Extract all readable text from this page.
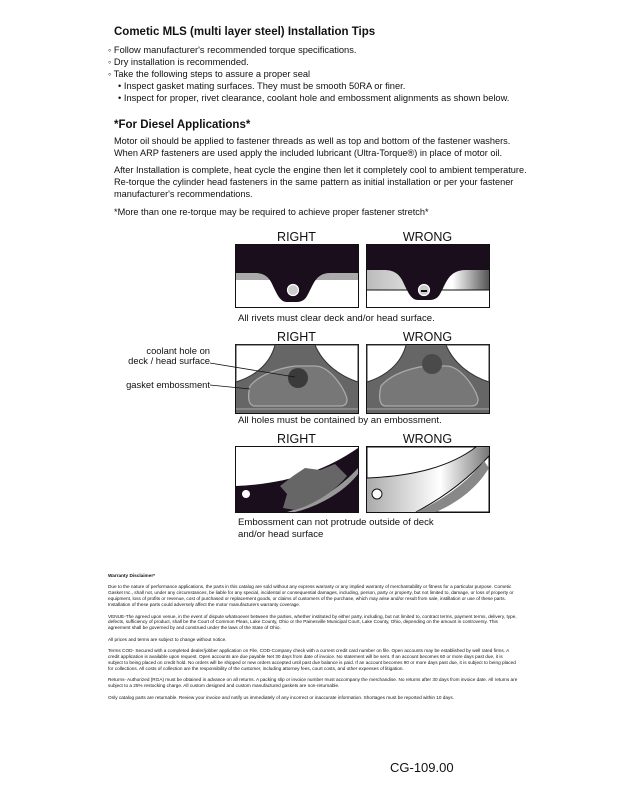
Cometic MLS (multi layer steel) Installation Tips
◦ Follow manufacturer's recommended torque specifications.
◦ Dry installation is recommended.
◦ Take the following steps to assure a proper seal
• Inspect gasket mating surfaces. They must be smooth 50RA or finer.
• Inspect for proper, rivet clearance, coolant hole and embossment alignments as shown below.
*For Diesel Applications*
Motor oil should be applied to fastener threads as well as top and bottom of the fastener washers. When ARP fasteners are used apply the included lubricant (Ultra-Torque®) in place of motor oil.
After Installation is complete, heat cycle the engine then let it completely cool to ambient temperature. Re-torque the cylinder head fasteners in the same pattern as initial installation or per your fastener manufacturer's recommendations.
*More than one re-torque may be required to achieve proper fastener stretch*
RIGHT	WRONG
All rivets must clear deck and/or head surface.
RIGHT	WRONG
coolant hole on
deck / head surface
gasket embossment
All holes must be contained by an embossment.
RIGHT	WRONG
Embossment can not protrude outside of deck
and/or head surface

Warranty Disclaimer*

Due to the nature of performance applications, the parts in this catalog are sold without any express warranty or any implied warranty of merchantability or fitness for a particular purpose. Cometic Gasket Inc., shall not, under any circumstances, be liable for any special, incidental or consequential damages, including, person, party or property, but not limited to, damage, or loss of property or equipment, loss of profits or revenue, cost of purchased or replacement goods, or claims of customers of the purchase, which may arise and/or result from sale, instillation or use of these parts. Installation of these parts could adversely affect the motor manufacturers warranty coverage.

VENUE-The agreed upon venue, in the event of dispute whatsoever between the parties, whether instituted by either party, including, but not limited to, contract terms, payment terms, delivery, type, defects, sufficiency of product, shall be the Court of Common Pleas, Lake County, Ohio or the Painesville Municipal Court, Lake County, Ohio, depending on the amount in controversy. This agreement shall be governed by and construed under the laws of the State of Ohio.

All prices and terms are subject to change without notice.

Terms COD- Secured with a completed dealer/jobber application on File, COD-Company check with a current credit card number on file. Open accounts may be established by well rated firms. A credit application is available upon request. Open accounts are due payable Net 30 days from date of invoice. No statement will be sent. If an account becomes 60 or more days past due, it is subject to being placed on credit hold. No orders will be shipped or new orders accepted until past due balance is paid. If an account becomes 90 or more days past due, it is subject to being placed for collections. All costs of collection are the responsibility of the customer, including attorney fees, court costs, and other expenses of litigation.

Returns- Authorized (RGA) must be obtained in advance on all returns. A packing slip or invoice number must accompany the merchandise. No returns after 30 days from invoice date. All returns are subject to a 25% restocking charge. All custom designed and custom manufactured gaskets are non-returnable.

Only catalog parts are returnable. Review your invoice and notify us immediately of any incorrect or inaccurate information. Shortages must be reported within 10 days.

CG-109.00
